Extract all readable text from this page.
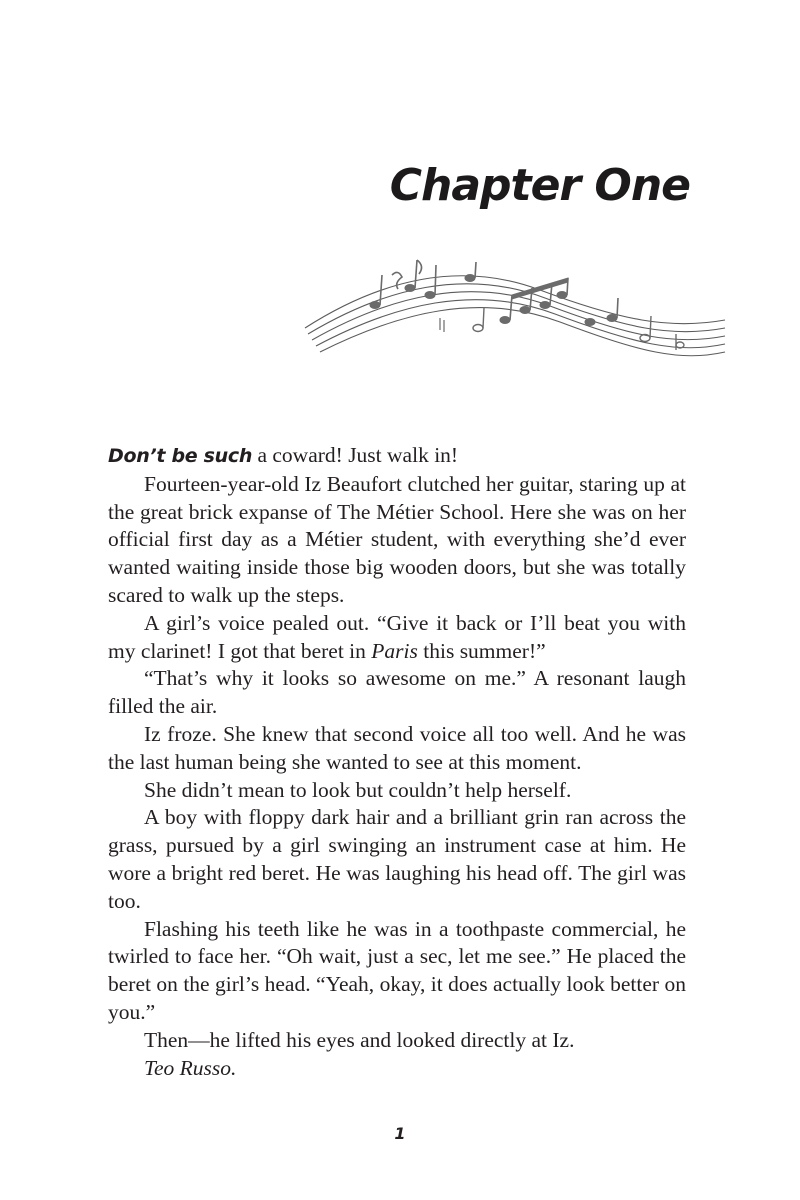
Chapter One

Don’t be such a coward! Just walk in!

Fourteen-year-old Iz Beaufort clutched her guitar, staring up at the great brick expanse of The Métier School. Here she was on her official first day as a Métier student, with everything she’d ever wanted waiting inside those big wooden doors, but she was totally scared to walk up the steps.

A girl’s voice pealed out. “Give it back or I’ll beat you with my clarinet! I got that beret in Paris this summer!”

“That’s why it looks so awesome on me.” A resonant laugh filled the air.

Iz froze. She knew that second voice all too well. And he was the last human being she wanted to see at this moment.

She didn’t mean to look but couldn’t help herself.

A boy with floppy dark hair and a brilliant grin ran across the grass, pursued by a girl swinging an instrument case at him. He wore a bright red beret. He was laughing his head off. The girl was too.

Flashing his teeth like he was in a toothpaste commercial, he twirled to face her. “Oh wait, just a sec, let me see.” He placed the beret on the girl’s head. “Yeah, okay, it does actually look better on you.”

Then—he lifted his eyes and looked directly at Iz.

Teo Russo.

1
